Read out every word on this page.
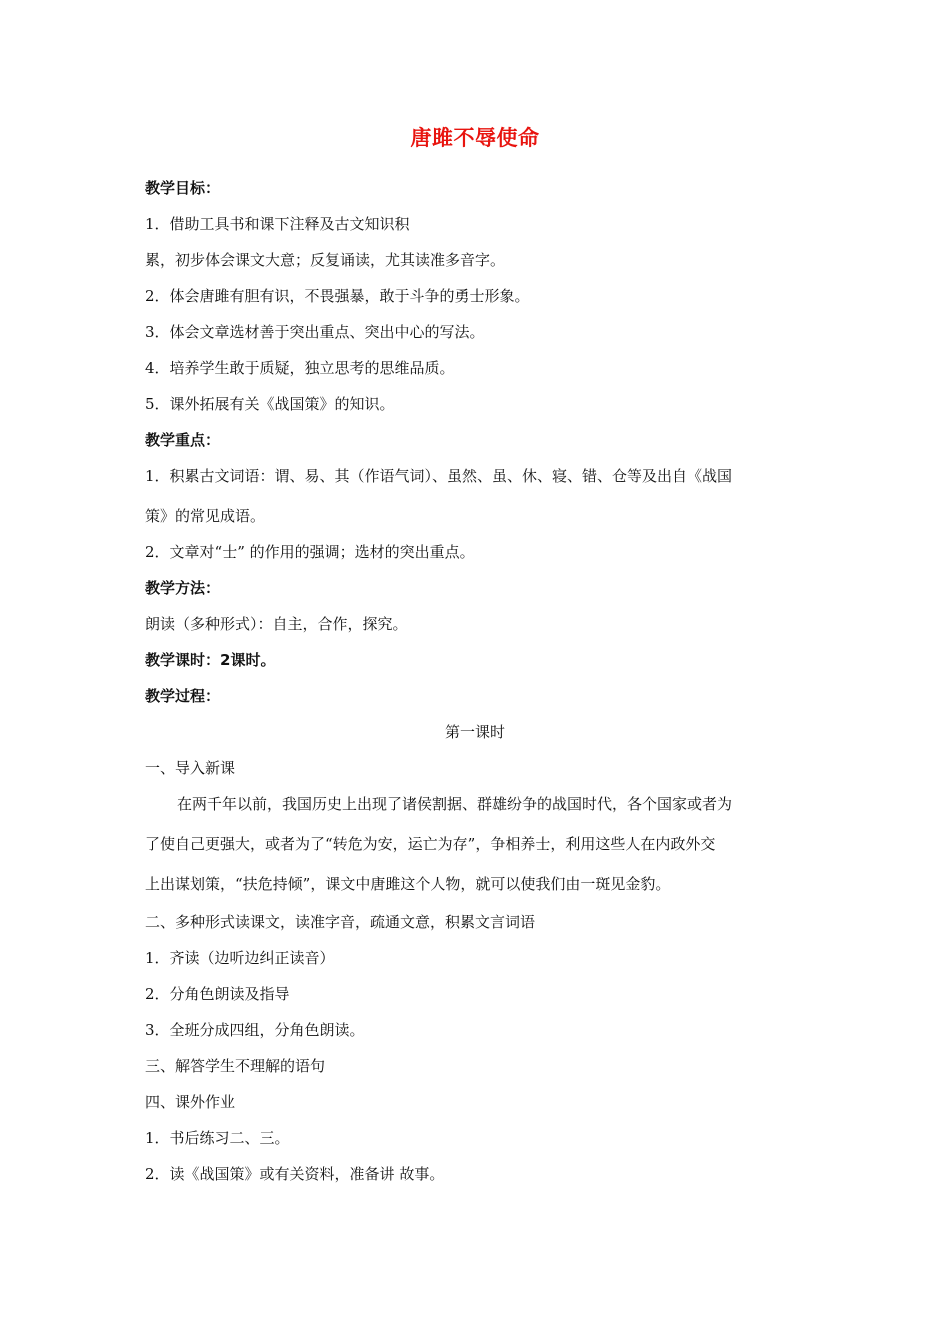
唐雎不辱使命
教学目标：
1．借助工具书和课下注释及古文知识积
累，初步体会课文大意；反复诵读，尤其读准多音字。
2．体会唐雎有胆有识，不畏强暴，敢于斗争的勇士形象。
3．体会文章选材善于突出重点、突出中心的写法。
4．培养学生敢于质疑，独立思考的思维品质。
5．课外拓展有关《战国策》的知识。
教学重点：
1．积累古文词语：谓、易、其（作语气词）、虽然、虽、休、寝、错、仓等及出自《战国
策》的常见成语。
2．文章对“士” 的作用的强调；选材的突出重点。
教学方法：
朗读（多种形式）：自主，合作，探究。
教学课时：2课时。
教学过程：
第一课时
一、导入新课
在两千年以前，我国历史上出现了诸侯割据、群雄纷争的战国时代，各个国家或者为
了使自己更强大，或者为了“转危为安，运亡为存”，争相养士，利用这些人在内政外交
上出谋划策，“扶危持倾”，课文中唐雎这个人物，就可以使我们由一斑见金豹。
二、多种形式读课文，读准字音，疏通文意，积累文言词语
1．齐读（边听边纠正读音）
2．分角色朗读及指导
3．全班分成四组，分角色朗读。
三、解答学生不理解的语句
四、课外作业
1．书后练习二、三。
2．读《战国策》或有关资料，准备讲 故事。
